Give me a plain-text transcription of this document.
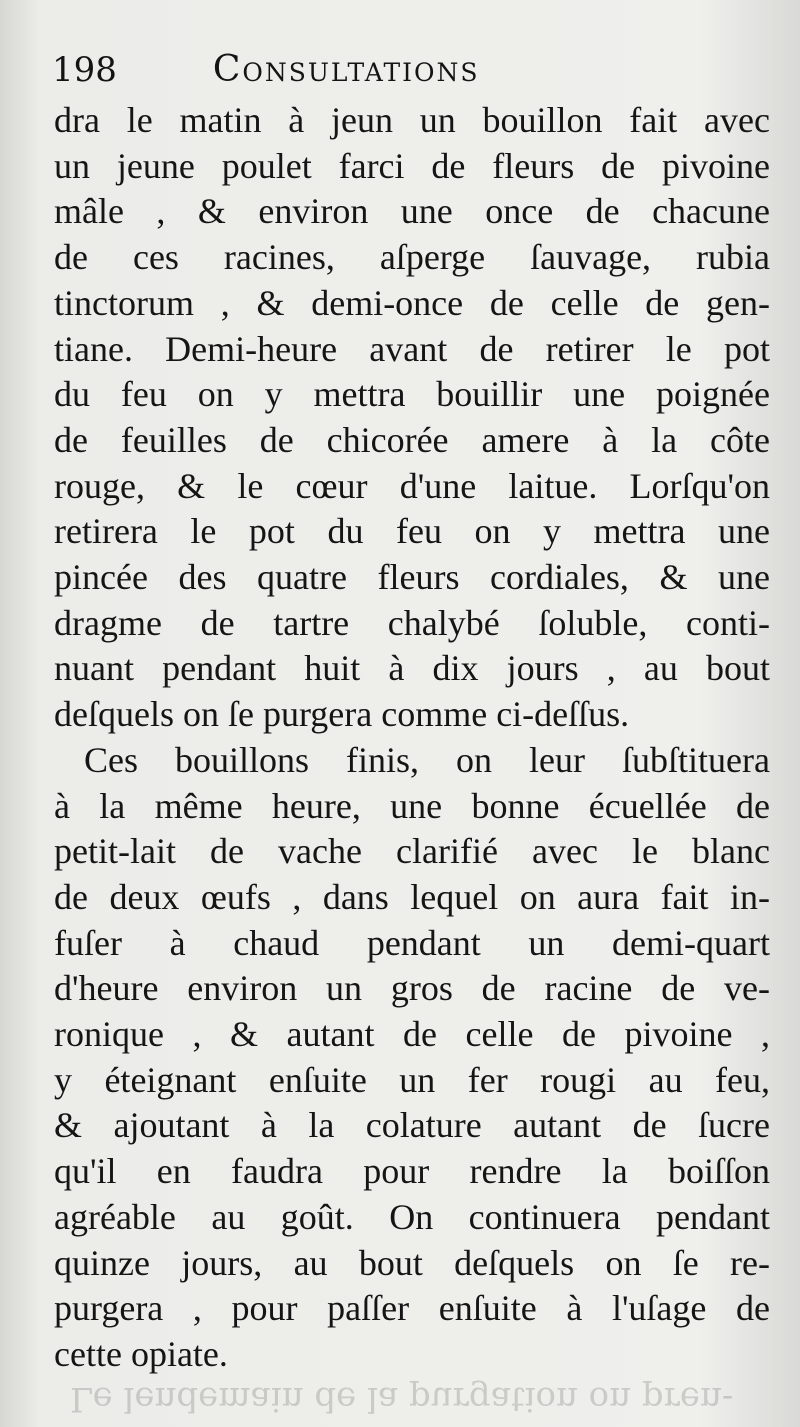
Le lendemain de la purgation on pren-
198	Consultations
dra le matin à jeun un bouillon fait avec
un jeune poulet farci de fleurs de pivoine
mâle , & environ une once de chacune
de ces racines, aſperge ſauvage, rubia
tinctorum , & demi-once de celle de gen-
tiane. Demi-heure avant de retirer le pot
du feu on y mettra bouillir une poignée
de feuilles de chicorée amere à la côte
rouge, & le cœur d'une laitue. Lorſqu'on
retirera le pot du feu on y mettra une
pincée des quatre fleurs cordiales, & une
dragme de tartre chalybé ſoluble, conti-
nuant pendant huit à dix jours , au bout
deſquels on ſe purgera comme ci-deſſus.
Ces bouillons finis, on leur ſubſtituera
à la même heure, une bonne écuellée de
petit-lait de vache clarifié avec le blanc
de deux œufs , dans lequel on aura fait in-
fuſer à chaud pendant un demi-quart
d'heure environ un gros de racine de ve-
ronique , & autant de celle de pivoine ,
y éteignant enſuite un fer rougi au feu,
& ajoutant à la colature autant de ſucre
qu'il en faudra pour rendre la boiſſon
agréable au goût. On continuera pendant
quinze jours, au bout deſquels on ſe re-
purgera , pour paſſer enſuite à l'uſage de
cette opiate.
